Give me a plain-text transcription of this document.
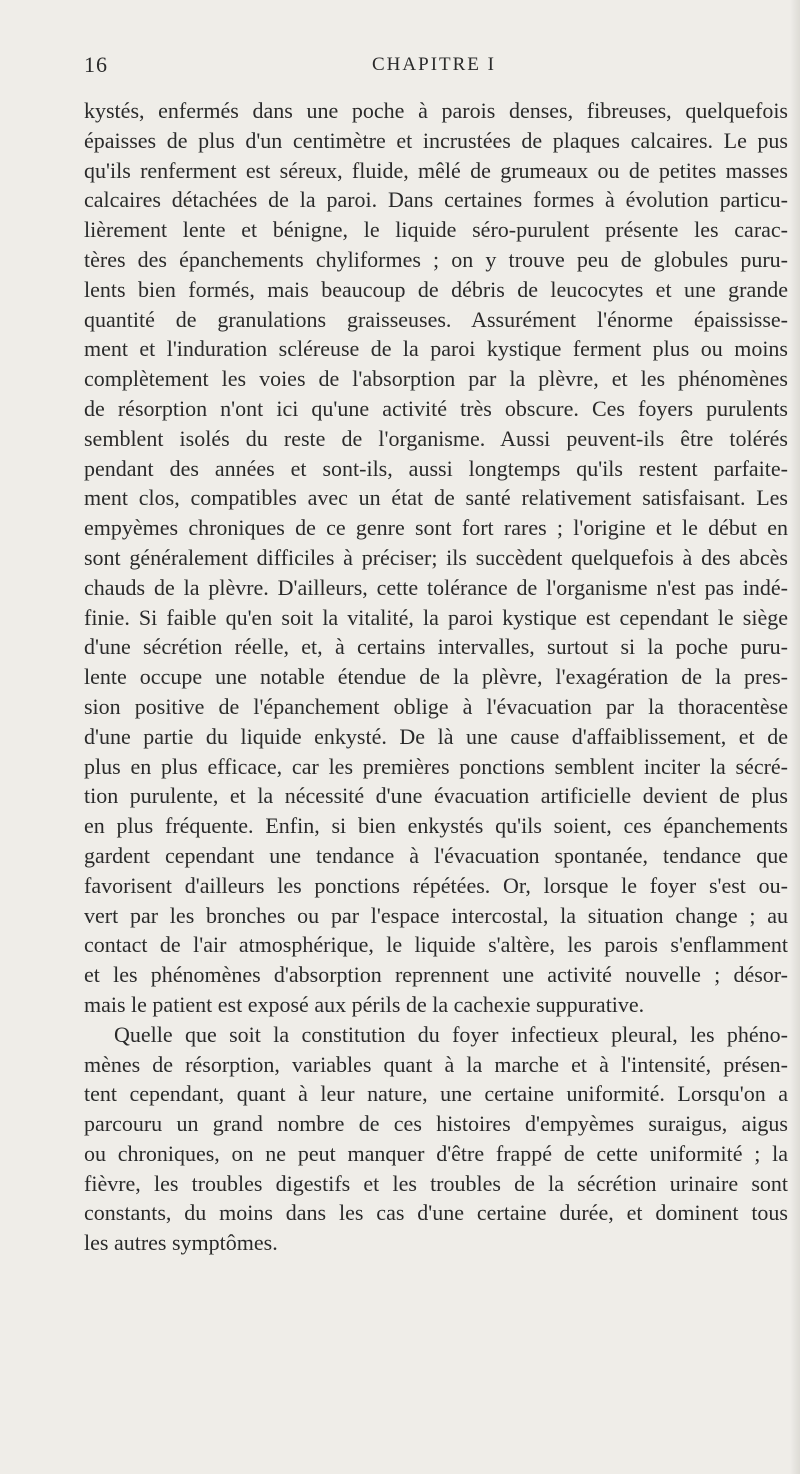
16	CHAPITRE I

kystés, enfermés dans une poche à parois denses, fibreuses, quelquefois
épaisses de plus d'un centimètre et incrustées de plaques calcaires. Le pus
qu'ils renferment est séreux, fluide, mêlé de grumeaux ou de petites masses
calcaires détachées de la paroi. Dans certaines formes à évolution particu-
lièrement lente et bénigne, le liquide séro-purulent présente les carac-
tères des épanchements chyliformes ; on y trouve peu de globules puru-
lents bien formés, mais beaucoup de débris de leucocytes et une grande
quantité de granulations graisseuses. Assurément l'énorme épaississe-
ment et l'induration scléreuse de la paroi kystique ferment plus ou moins
complètement les voies de l'absorption par la plèvre, et les phénomènes
de résorption n'ont ici qu'une activité très obscure. Ces foyers purulents
semblent isolés du reste de l'organisme. Aussi peuvent-ils être tolérés
pendant des années et sont-ils, aussi longtemps qu'ils restent parfaite-
ment clos, compatibles avec un état de santé relativement satisfaisant. Les
empyèmes chroniques de ce genre sont fort rares ; l'origine et le début en
sont généralement difficiles à préciser; ils succèdent quelquefois à des abcès
chauds de la plèvre. D'ailleurs, cette tolérance de l'organisme n'est pas indé-
finie. Si faible qu'en soit la vitalité, la paroi kystique est cependant le siège
d'une sécrétion réelle, et, à certains intervalles, surtout si la poche puru-
lente occupe une notable étendue de la plèvre, l'exagération de la pres-
sion positive de l'épanchement oblige à l'évacuation par la thoracentèse
d'une partie du liquide enkysté. De là une cause d'affaiblissement, et de
plus en plus efficace, car les premières ponctions semblent inciter la sécré-
tion purulente, et la nécessité d'une évacuation artificielle devient de plus
en plus fréquente. Enfin, si bien enkystés qu'ils soient, ces épanchements
gardent cependant une tendance à l'évacuation spontanée, tendance que
favorisent d'ailleurs les ponctions répétées. Or, lorsque le foyer s'est ou-
vert par les bronches ou par l'espace intercostal, la situation change ; au
contact de l'air atmosphérique, le liquide s'altère, les parois s'enflamment
et les phénomènes d'absorption reprennent une activité nouvelle ; désor-
mais le patient est exposé aux périls de la cachexie suppurative.

Quelle que soit la constitution du foyer infectieux pleural, les phéno-
mènes de résorption, variables quant à la marche et à l'intensité, présen-
tent cependant, quant à leur nature, une certaine uniformité. Lorsqu'on a
parcouru un grand nombre de ces histoires d'empyèmes suraigus, aigus
ou chroniques, on ne peut manquer d'être frappé de cette uniformité ; la
fièvre, les troubles digestifs et les troubles de la sécrétion urinaire sont
constants, du moins dans les cas d'une certaine durée, et dominent tous
les autres symptômes.
